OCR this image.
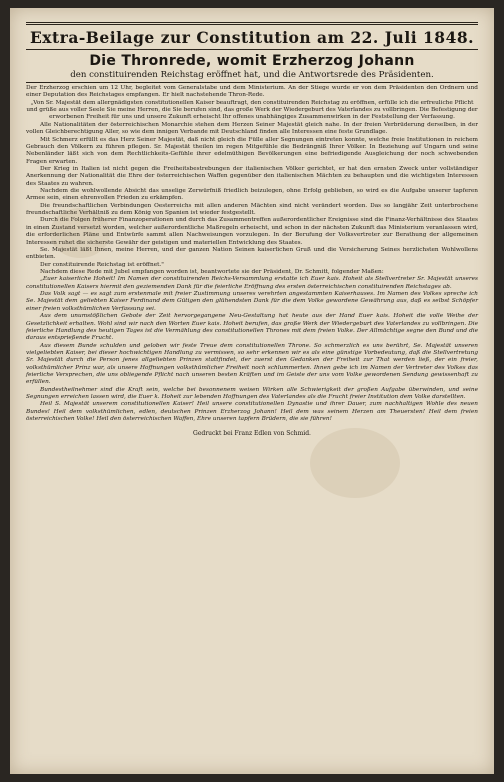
Extra-Beilage zur Constitution am 22. Juli 1848.
Die Thronrede, womit Erzherzog Johann
den constituirenden Reichstag eröffnet hat, und die Antwortsrede des Präsidenten.

Der Erzherzog erschien um 12 Uhr, begleitet vom Generalstabe und dem Ministerium. An der Stiege wurde er von dem Präsidenten den Ordnern und einer Deputation des Reichstages empfangen. Er hielt nachstehende Thron-Rede.

„Von Sr. Majestät dem allergnädigsten constitutionellen Kaiser beauftragt, den constituirenden Reichstag zu eröffnen, erfülle ich die erfreuliche Pflicht und grüße aus voller Seele Sie meine Herren, die Sie berufen sind, das große Werk der Wiedergeburt des Vaterlandes zu vollbringen. Die Befestigung der erworbenen Freiheit für uns und unsere Zukunft erheischt Ihr offenes unabhängiges Zusammenwirken in der Feststellung der Verfassung.

Alle Nationalitäten der österreichischen Monarchie stehen dem Herzen Seiner Majestät gleich nahe. In der freien Verbrüderung derselben, in der vollen Gleichberechtigung Aller, so wie dem innigen Verbande mit Deutschland finden alle Interessen eine feste Grundlage.

Mit Schmerz erfüllt es das Herz Seiner Majestät, daß nicht gleich die Fülle aller Segnungen eintreten konnte, welche freie Institutionen in reichem Gebrauch den Völkern zu führen pflegen. Sr. Majestät theilen im regen Mitgefühle die Bedrängniß Ihrer Völker. In Beziehung auf Ungarn und seine Nebenländer läßt sich von dem Rechtlichkeits-Gefühle ihrer edelmüthigen Bevölkerungen eine befriedigende Ausgleichung der noch schwebenden Fragen erwarten.

Der Krieg in Italien ist nicht gegen die Freiheitsbestrebungen der italienischen Völker gerichtet, er hat den ernsten Zweck unter vollständiger Anerkennung der Nationalität die Ehre der österreichischen Waffen gegenüber den italienischen Mächten zu behaupten und die wichtigsten Interessen des Staates zu wahren.

Nachdem die wohlwollende Absicht das unselige Zerwürfniß friedlich beizulegen, ohne Erfolg geblieben, so wird es die Aufgabe unserer tapferen Armee sein, einen ehrenvollen Frieden zu erkämpfen.

Die freundschaftlichen Verbindungen Oesterreichs mit allen anderen Mächten sind nicht verändert worden. Das so langjähr Zeit unterbrochene freundschaftliche Verhältniß zu dem König von Spanien ist wieder festgestellt.

Durch die Folgen früherer Finanzoperationen und durch das Zusammentreffen außerordentlicher Ereignisse sind die Finanz-Verhältnisse des Staates in einen Zustand versetzt worden, welcher außerordentliche Maßregeln erheischt, und schon in der nächsten Zukunft das Ministerium veranlassen wird, die erforderlichen Pläne und Entwürfe sammt allen Nachweisungen vorzulegen. In der Berufung der Volksvertreter zur Berathung der allgemeinen Interessen ruhet die sicherste Gewähr der geistigen und materiellen Entwicklung des Staates.

Se. Majestät läßt Ihnen, meine Herren, und der ganzen Nation Seinen kaiserlichen Gruß und die Versicherung Seines herzlichsten Wohlwollens entbieten.

Der constituirende Reichstag ist eröffnet."

Nachdem diese Rede mit Jubel empfangen worden ist, beantwortete sie der Präsident, Dr. Schmitt, folgender Maßen:

„Euer kaiserliche Hoheit! Im Namen der constituirenden Reichs-Versammlung erstatte ich Euer kais. Hoheit als Stellvertreter Sr. Majestät unseres constitutionellen Kaisers hiermit den geziemenden Dank für die feierliche Eröffnung des ersten österreichischen constituirenden Reichstages ab.

Das Volk sagt — es sagt zum erstenmale mit freier Zustimmung unseres verehrten angestammten Kaiserhauses. Im Namen des Volkes spreche ich Se. Majestät dem geliebten Kaiser Ferdinand dem Gütigen den glühendsten Dank für die dem Volke gewordene Gewährung aus, daß es selbst Schöpfer einer freien volksthümlichen Verfassung sei.

Aus dem unumstößlichen Gebote der Zeit hervorgegangene Neu-Gestaltung hat heute aus der Hand Euer kais. Hoheit die volle Weihe der Gesetzlichkeit erhalten. Wohl sind wir nach den Worten Euer kais. Hoheit berufen, das große Werk der Wiedergeburt des Vaterlandes zu vollbringen. Die feierliche Handlung des heutigen Tages ist die Vermählung des constitutionellen Thrones mit dem freien Volke. Der Allmächtige segne den Bund und die daraus entsprießende Frucht.

Aus diesem Bunde schulden und geloben wir feste Treue dem constitutionellen Throne. So schmerzlich es uns berührt, Se. Majestät unseren vielgeliebten Kaiser, bei dieser hochwichtigen Handlung zu vermissen, so sehr erkennen wir es als eine günstige Vorbedeutung, daß die Stellvertretung Sr. Majestät durch die Person jenes allgeliebten Prinzen stattfindet, der zuerst den Gedanken der Freiheit zur That werden ließ, der ein freier, volksthümlicher Prinz war, als unsere Hoffnungen volksthümlicher Freiheit noch schlummerten. Ihnen gebe ich im Namen der Vertreter des Volkes das feierliche Versprechen, die uns obliegende Pflicht nach unseren besten Kräften und im Geiste der uns vom Volke gewordenen Sendung gewissenhaft zu erfüllen.

Bundestheilnehmer sind die Kraft sein, welche bei besonnenem weisen Wirken alle Schwierigkeit der großen Aufgabe überwinden, und seine Segnungen erreichen lassen wird, die Euer k. Hoheit zur lebenden Hoffnungen des Vaterlandes als die Frucht freier Institution dem Volke darstellten.

Heil S. Majestät unserem constitutionellen Kaiser! Heil unsere constitutionellen Dynastie und ihrer Dauer, zum nachhaltigen Wohle des neuen Bundes! Heil dem volksthümlichen, edlen, deutschen Prinzen Erzherzog Johann! Heil dem was seinem Herzen am Theuersten! Heil dem freien österreichischen Volke! Heil den österreichischen Waffen, Ehre unseren tapfern Brüdern, die sie führen!

Gedruckt bei Franz Edlen von Schmid.
